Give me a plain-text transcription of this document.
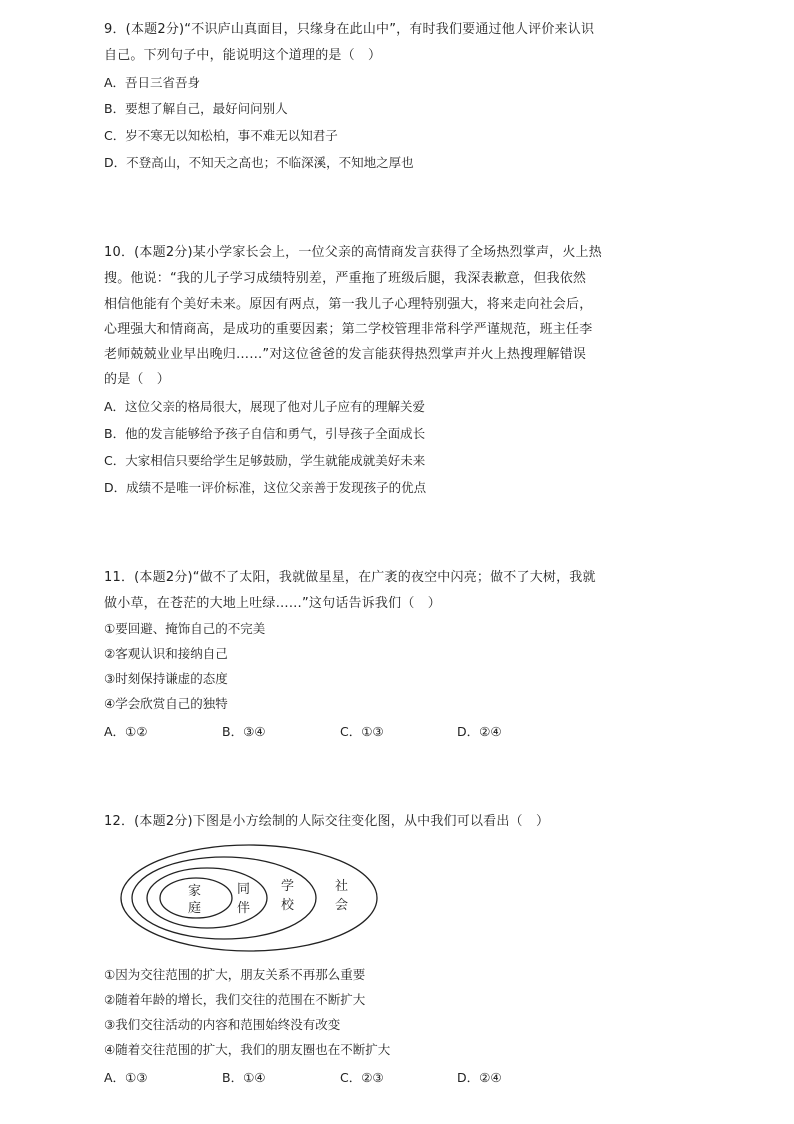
9．(本题2分)“不识庐山真面目，只缘身在此山中”，有时我们要通过他人评价来认识
自己。下列句子中，能说明这个道理的是（　）
A．吾日三省吾身
B．要想了解自己，最好问问别人
C．岁不寒无以知松柏，事不难无以知君子
D．不登高山，不知天之高也；不临深溪，不知地之厚也
10．(本题2分)某小学家长会上，一位父亲的高情商发言获得了全场热烈掌声，火上热
搜。他说：“我的儿子学习成绩特别差，严重拖了班级后腿，我深表歉意，但我依然
相信他能有个美好未来。原因有两点，第一我儿子心理特别强大，将来走向社会后，
心理强大和情商高，是成功的重要因素；第二学校管理非常科学严谨规范，班主任李
老师兢兢业业早出晚归……”对这位爸爸的发言能获得热烈掌声并火上热搜理解错误
的是（　）
A．这位父亲的格局很大，展现了他对儿子应有的理解关爱
B．他的发言能够给予孩子自信和勇气，引导孩子全面成长
C．大家相信只要给学生足够鼓励，学生就能成就美好未来
D．成绩不是唯一评价标准，这位父亲善于发现孩子的优点
11．(本题2分)“做不了太阳，我就做星星，在广袤的夜空中闪亮；做不了大树，我就
做小草，在苍茫的大地上吐绿……”这句话告诉我们（　）
①要回避、掩饰自己的不完美
②客观认识和接纳自己
③时刻保持谦虚的态度
④学会欣赏自己的独特
A．①②	B．③④	C．①③	D．②④
12．(本题2分)下图是小方绘制的人际交往变化图，从中我们可以看出（　）
家
庭
同
伴
学
校
社
会
①因为交往范围的扩大，朋友关系不再那么重要
②随着年龄的增长，我们交往的范围在不断扩大
③我们交往活动的内容和范围始终没有改变
④随着交往范围的扩大，我们的朋友圈也在不断扩大
A．①③	B．①④	C．②③	D．②④
